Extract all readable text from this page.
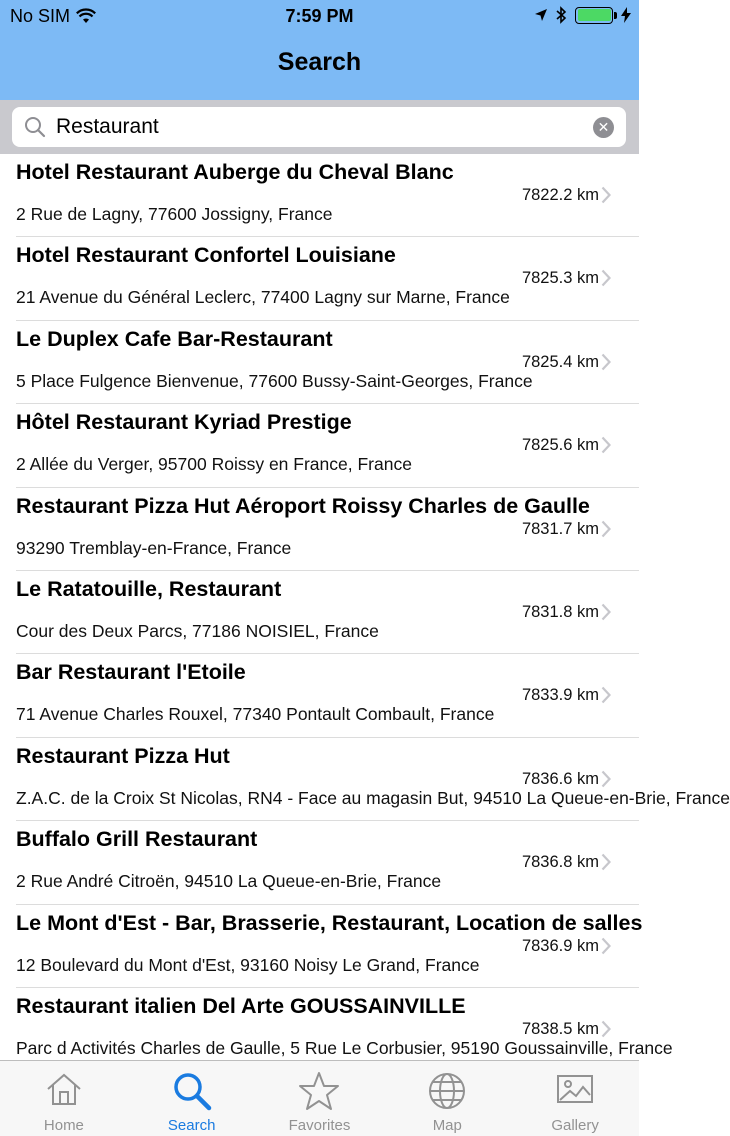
No SIM	7:59 PM
Search
Restaurant
✕
Hotel Restaurant Auberge du Cheval Blanc
7822.2 km
2 Rue de Lagny, 77600 Jossigny, France
Hotel Restaurant Confortel Louisiane
7825.3 km
21 Avenue du Général Leclerc, 77400 Lagny sur Marne, France
Le Duplex Cafe Bar-Restaurant
7825.4 km
5 Place Fulgence Bienvenue, 77600 Bussy-Saint-Georges, France
Hôtel Restaurant Kyriad Prestige
7825.6 km
2 Allée du Verger, 95700 Roissy en France, France
Restaurant Pizza Hut Aéroport Roissy Charles de Gaulle
7831.7 km
93290 Tremblay-en-France, France
Le Ratatouille, Restaurant
7831.8 km
Cour des Deux Parcs, 77186 NOISIEL, France
Bar Restaurant l'Etoile
7833.9 km
71 Avenue Charles Rouxel, 77340 Pontault Combault, France
Restaurant Pizza Hut
7836.6 km
Z.A.C. de la Croix St Nicolas, RN4 - Face au magasin But, 94510 La Queue-en-Brie, France
Buffalo Grill Restaurant
7836.8 km
2 Rue André Citroën, 94510 La Queue-en-Brie, France
Le Mont d'Est - Bar, Brasserie, Restaurant, Location de salles
7836.9 km
12 Boulevard du Mont d'Est, 93160 Noisy Le Grand, France
Restaurant italien Del Arte GOUSSAINVILLE
7838.5 km
Parc d Activités Charles de Gaulle, 5 Rue Le Corbusier, 95190 Goussainville, France
Home	Search	Favorites	Map	Gallery
